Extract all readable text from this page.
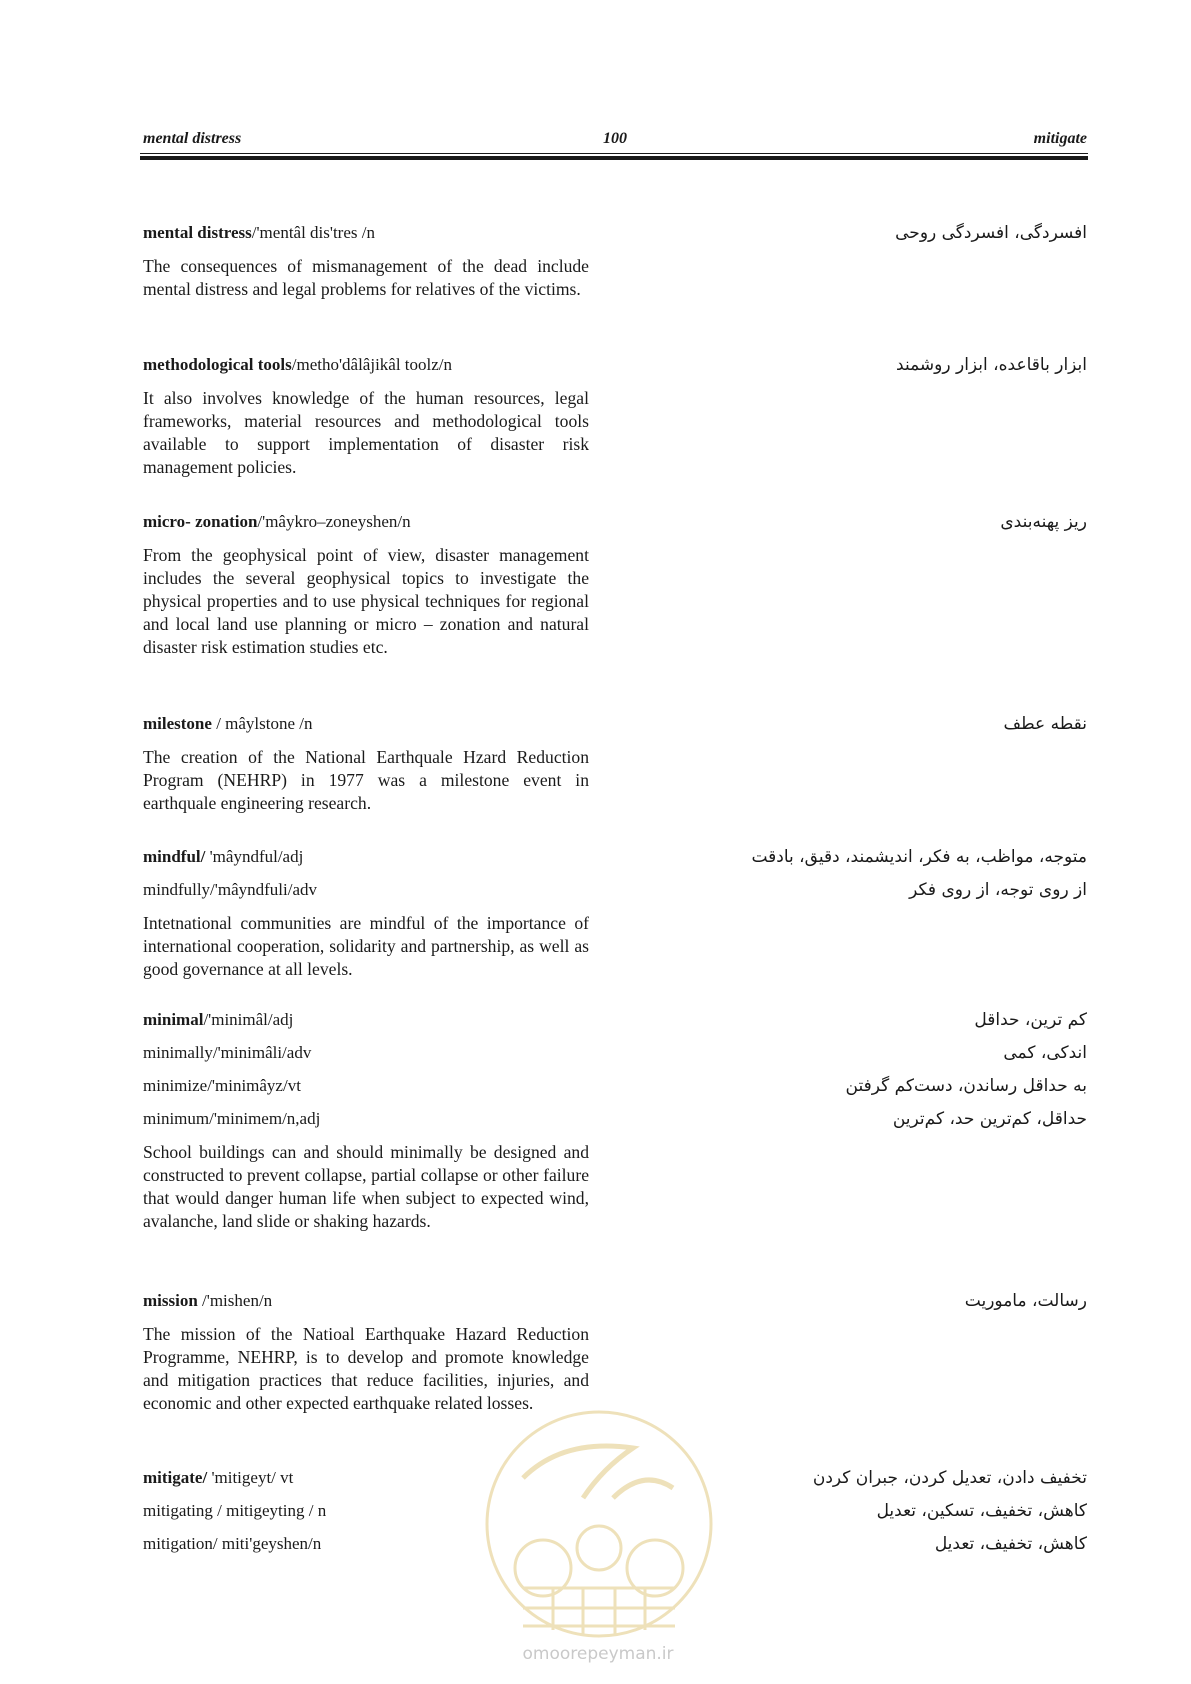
mental distress	100	mitigate
mental distress/'mentâl dis'tres /n
The consequences of mismanagement of the dead include mental distress and legal problems for relatives of the victims.
افسردگی، افسردگی روحی
methodological tools/metho'dâlâjikâl toolz/n
It also involves knowledge of the human resources, legal frameworks, material resources and methodological tools available to support implementation of disaster risk management policies.
ابزار باقاعده، ابزار روشمند
micro- zonation/'mâykro–zoneyshen/n
From the geophysical point of view, disaster management includes the several geophysical topics to investigate the physical properties and to use physical techniques for regional and local land use planning or micro – zonation and natural disaster risk estimation studies etc.
ریز پهنه‌بندی
milestone / mâylstone /n
The creation of the National Earthquale Hzard Reduction Program (NEHRP) in 1977 was a milestone event in earthquale engineering research.
نقطه عطف
mindful/ 'mâyndful/adj
mindfully/'mâyndfuli/adv
Intetnational communities are mindful of the importance of international cooperation, solidarity and partnership, as well as good governance at all levels.
متوجه، مواظب، به فکر، اندیشمند، دقیق، بادقت
از روی توجه، از روی فکر
minimal/'minimâl/adj
minimally/'minimâli/adv
minimize/'minimâyz/vt
minimum/'minimem/n,adj
School buildings can and should minimally be designed and constructed to prevent collapse, partial collapse or other failure that would danger human life when subject to expected wind, avalanche, land slide or shaking hazards.
کم ترین، حداقل
اندکی، کمی
به حداقل رساندن، دست‌کم گرفتن
حداقل، کم‌ترین حد، کم‌ترین
mission /'mishen/n
The mission of the Natioal Earthquake Hazard Reduction Programme, NEHRP, is to develop and promote knowledge and mitigation practices that reduce facilities, injuries, and economic and other expected earthquake related losses.
رسالت، ماموریت
mitigate/ 'mitigeyt/ vt
mitigating / mitigeyting / n
mitigation/ miti'geyshen/n
تخفیف دادن، تعدیل کردن، جبران کردن
کاهش، تخفیف، تسکین، تعدیل
کاهش، تخفیف، تعدیل
omoorepeyman.ir
